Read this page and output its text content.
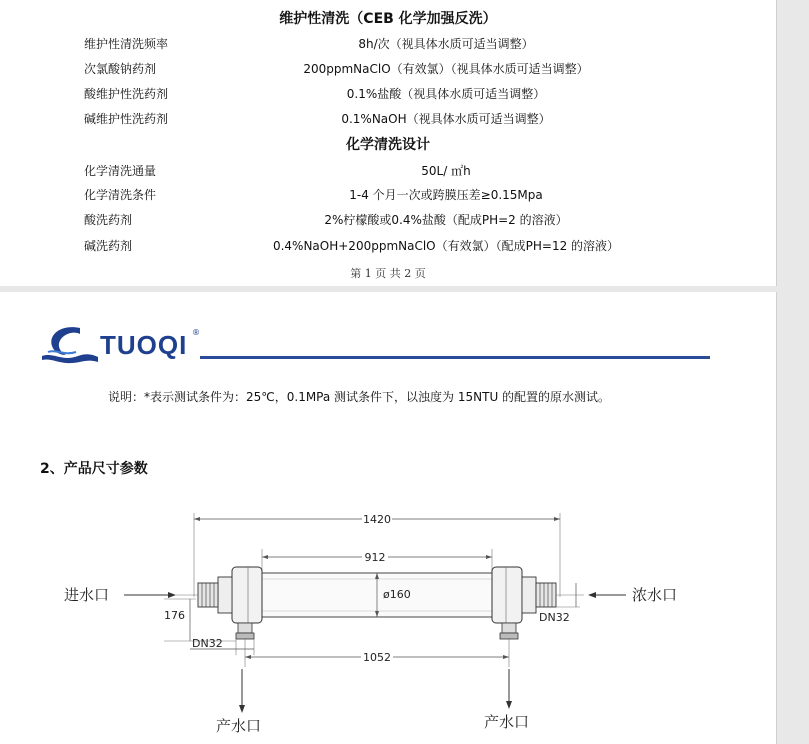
维护性清洗（CEB 化学加强反洗）
维护性清洗频率	8h/次（视具体水质可适当调整）
次氯酸钠药剂	200ppmNaClO（有效氯）（视具体水质可适当调整）
酸维护性洗药剂	0.1%盐酸（视具体水质可适当调整）
碱维护性洗药剂	0.1%NaOH（视具体水质可适当调整）
化学清洗设计
化学清洗通量	50L/ ㎡h
化学清洗条件	1-4 个月一次或跨膜压差≥0.15Mpa
酸洗药剂	2%柠檬酸或0.4%盐酸（配成PH=2 的溶液）
碱洗药剂	0.4%NaOH+200ppmNaClO（有效氯）（配成PH=12 的溶液）
第 1 页 共 2 页
TUOQI ®
说明：*表示测试条件为：25℃，0.1MPa 测试条件下，以浊度为 15NTU 的配置的原水测试。
2、产品尺寸参数
1420
912
ø160
进水口	浓水口
DN32
176
DN32
1052
产水口	产水口
